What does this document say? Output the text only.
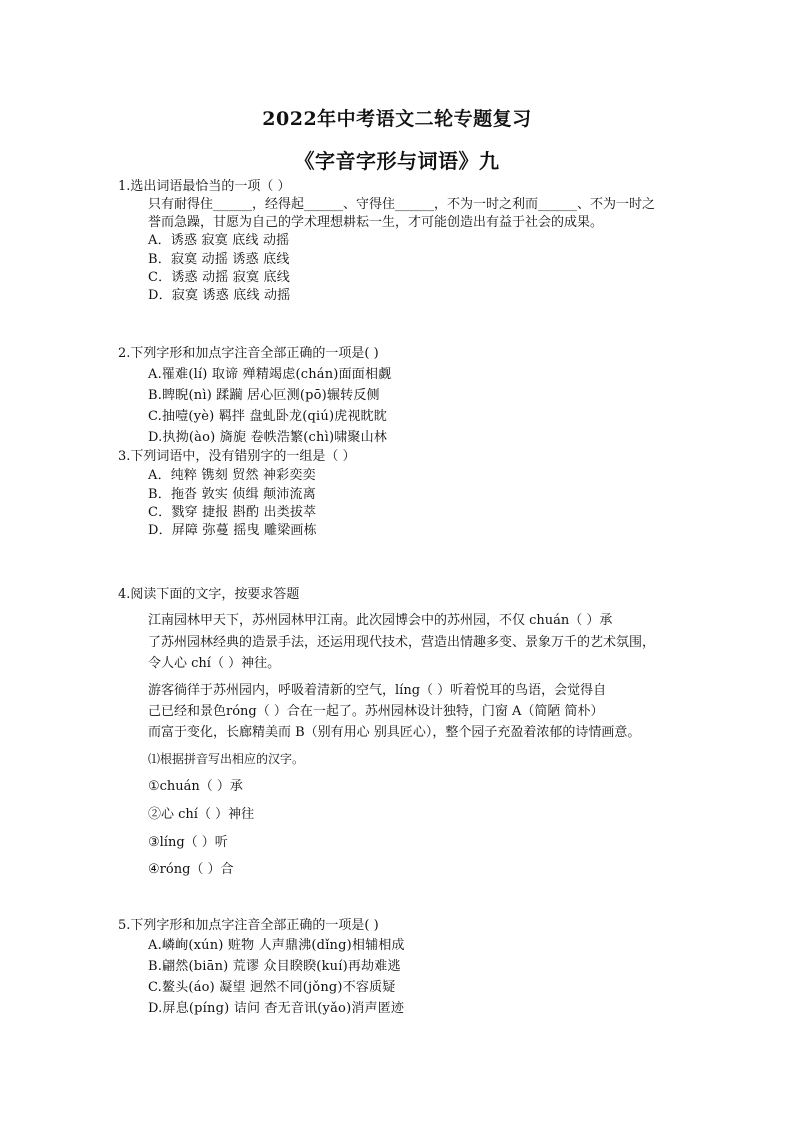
2022年中考语文二轮专题复习
《字音字形与词语》九
1.选出词语最恰当的一项（ ）
只有耐得住______，经得起______、守得住______，不为一时之利而______、不为一时之
誉而急躁，甘愿为自己的学术理想耕耘一生，才可能创造出有益于社会的成果。
A．诱惑 寂寞 底线 动摇
B．寂寞 动摇 诱惑 底线
C．诱惑 动摇 寂寞 底线
D．寂寞 诱惑 底线 动摇
2.下列字形和加点字注音全部正确的一项是( )
A.罹难(lí) 取谛 殚精竭虑(chán)面面相觑
B.睥睨(nì) 蹂躏 居心叵测(pō)辗转反侧
C.抽噎(yè) 羁拌 盘虬卧龙(qiú)虎视眈眈
D.执拗(ào) 旖旎 卷帙浩繁(chì)啸聚山林
3.下列词语中，没有错别字的一组是（ ）
A．纯粹 镌刻 贸然 神彩奕奕
B．拖沓 敦实 侦缉 颠沛流离
C．戮穿 捷报 斟酌 出类拔萃
D．屏障 弥蔓 摇曳 雕梁画栋
4.阅读下面的文字，按要求答题
江南园林甲天下，苏州园林甲江南。此次园博会中的苏州园，不仅 chuán（ ）承
了苏州园林经典的造景手法，还运用现代技术，营造出情趣多变、景象万千的艺术氛围，
令人心 chí（ ）神往。
游客徜徉于苏州园内，呼吸着清新的空气，líng（ ）听着悦耳的鸟语，会觉得自
己已经和景色róng（ ）合在一起了。苏州园林设计独特，门窗 A（简陋 简朴）
而富于变化，长廊精美而 B（别有用心 别具匠心），整个园子充盈着浓郁的诗情画意。
⑴根据拼音写出相应的汉字。
①chuán（ ）承
②心 chí（ ）神往
③líng（ ）听
④róng（ ）合
5.下列字形和加点字注音全部正确的一项是( )
A.嶙峋(xún) 赃物 人声鼎沸(dǐng)相辅相成
B.翩然(biān) 荒谬 众目睽睽(kuí)再劫难逃
C.鳌头(áo) 凝望 迥然不同(jǒng)不容质疑
D.屏息(píng) 诘问 杳无音讯(yǎo)消声匿迹
